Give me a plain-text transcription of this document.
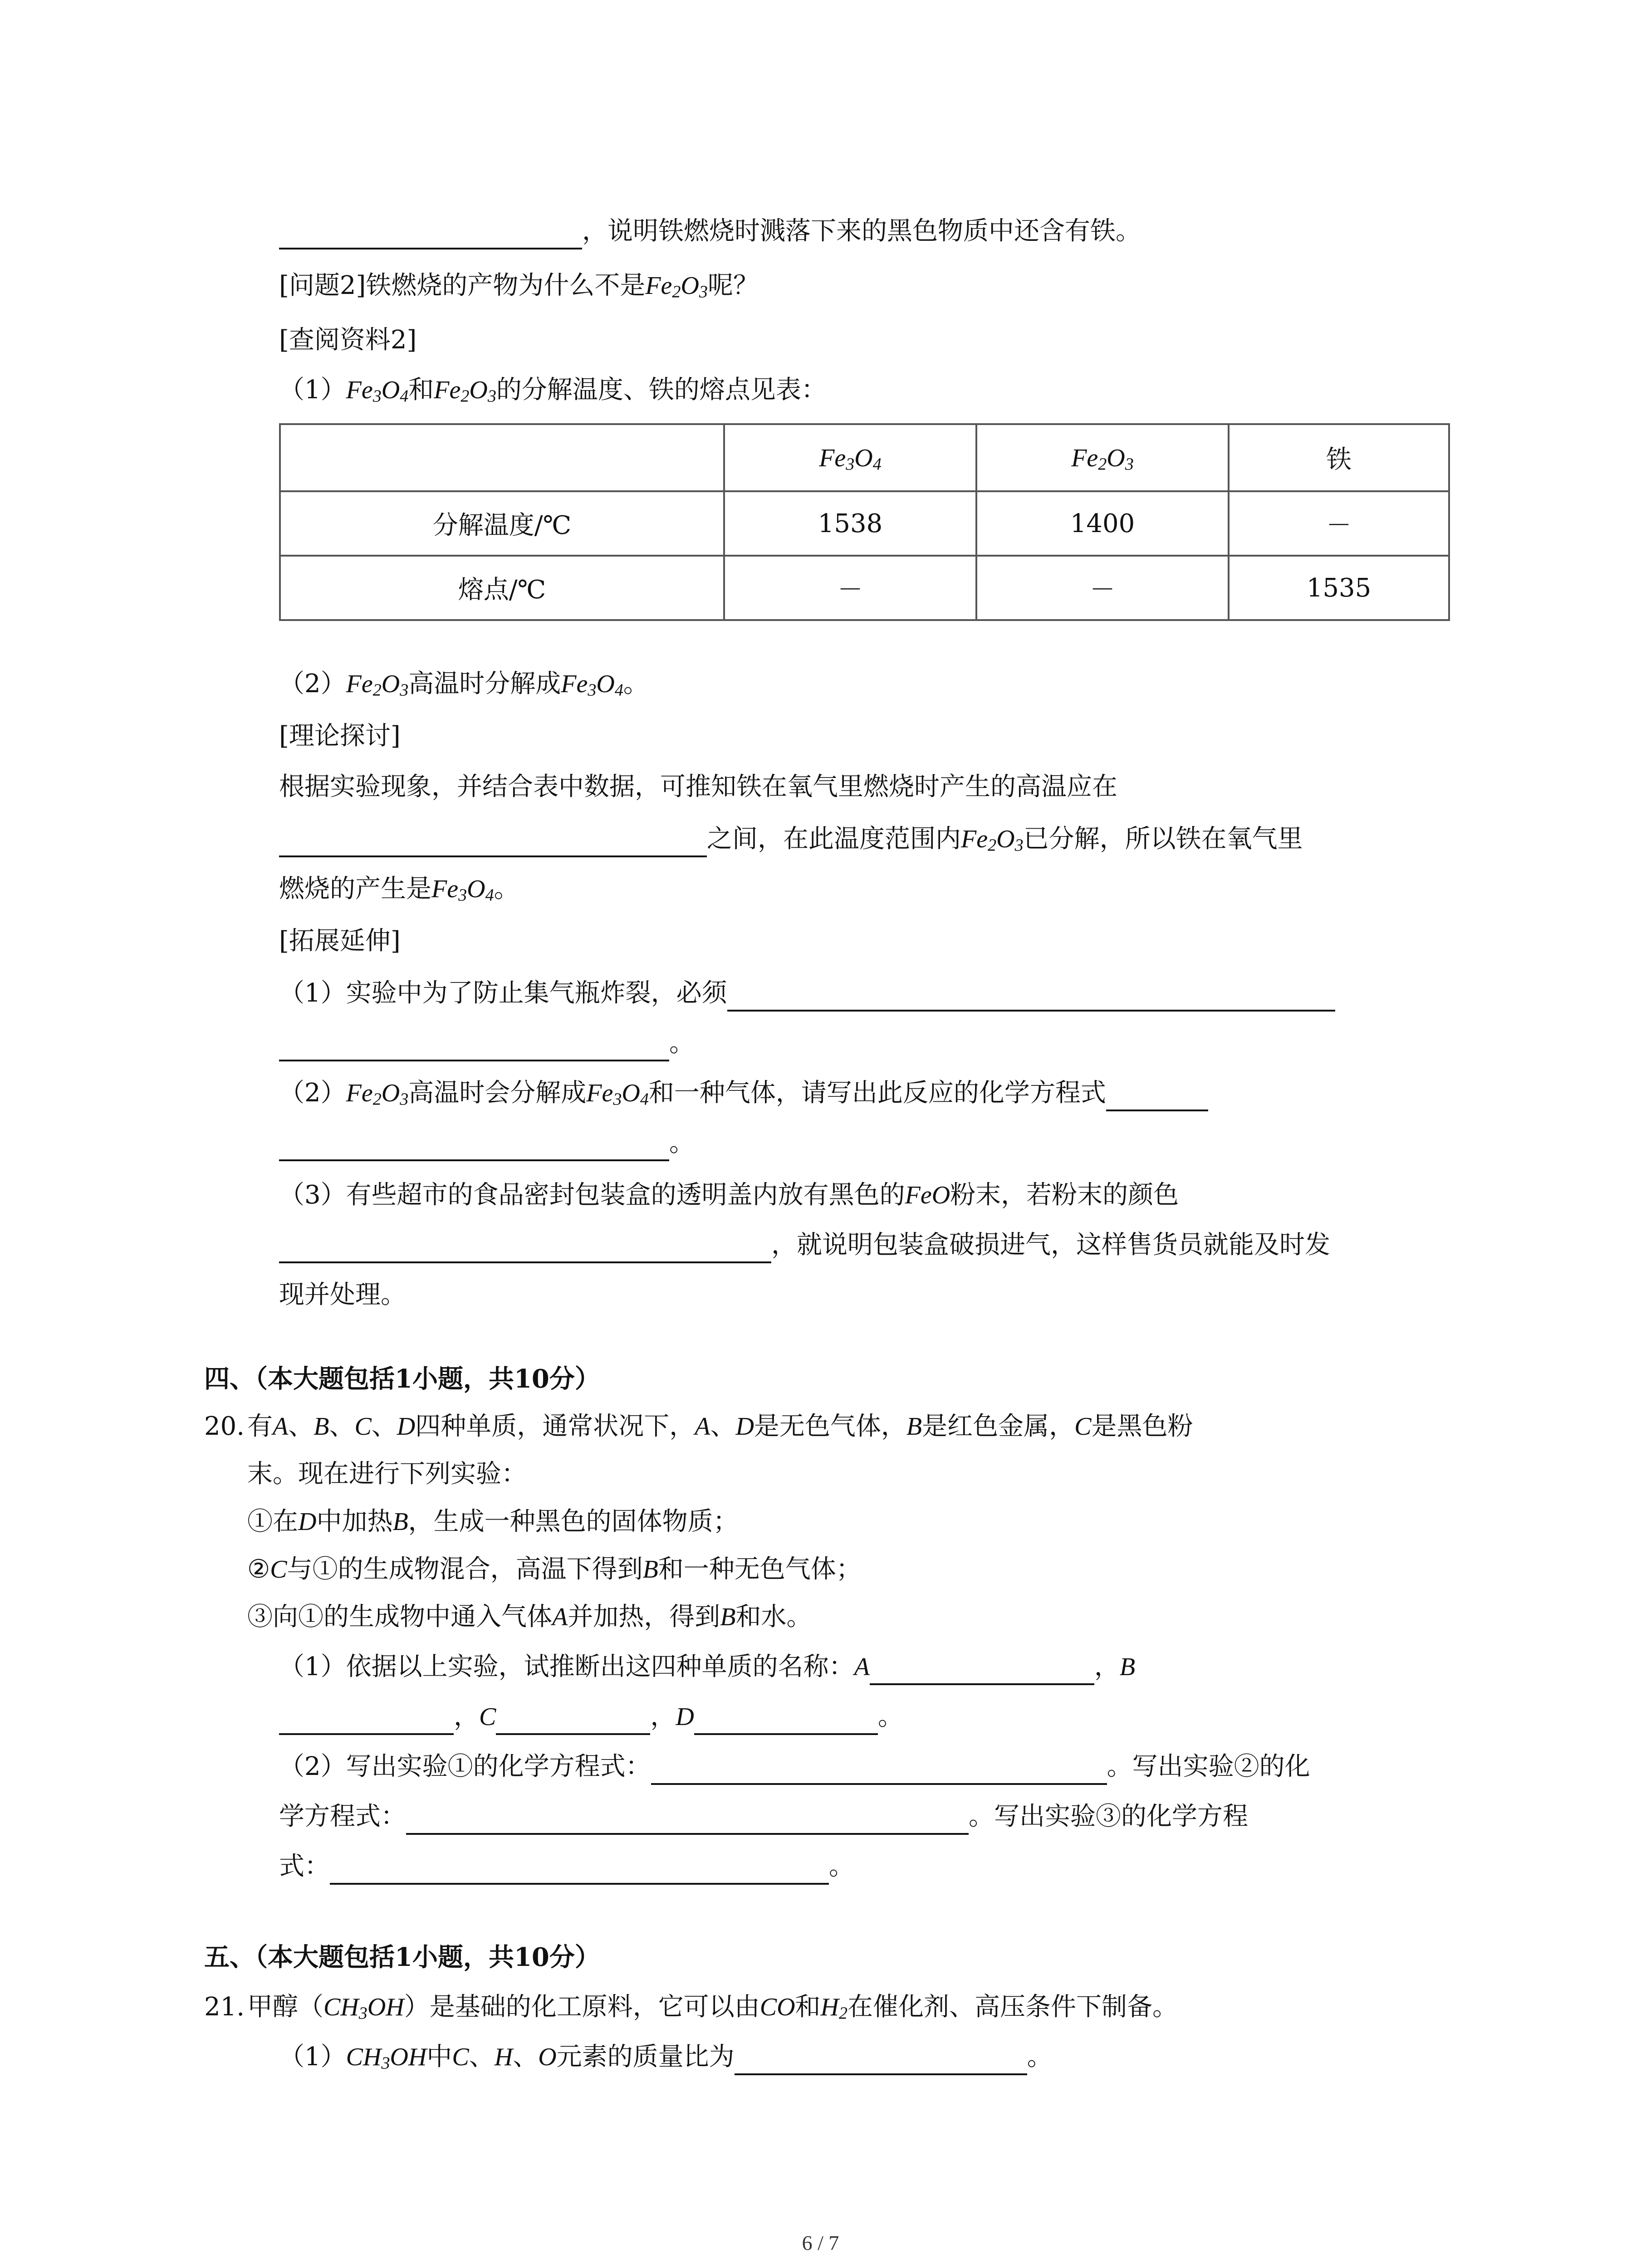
，说明铁燃烧时溅落下来的黑色物质中还含有铁。
[问题2]铁燃烧的产物为什么不是$Fe_2O_3$呢？
[查阅资料2]
$(1)Fe_3O_4$和$Fe_2O_3$的分解温度、铁的熔点见表：
	$Fe_3O_4$	$Fe_2O_3$	铁
分解温度/℃	1538	1400	－
熔点/℃	－	－	1535
$(2)Fe_2O_3$高温时分解成$Fe_3O_4$。
[理论探讨]
根据实验现象，并结合表中数据，可推知铁在氧气里燃烧时产生的高温应在
之间，在此温度范围内$Fe_2O_3$已分解，所以铁在氧气里
燃烧的产生是$Fe_3O_4$。
[拓展延伸]
（1）实验中为了防止集气瓶炸裂，必须
。
$(2)Fe_2O_3$高温时会分解成$Fe_3O_4$和一种气体，请写出此反应的化学方程式
。
（3）有些超市的食品密封包装盒的透明盖内放有黑色的FeO粉末，若粉末的颜色
，就说明包装盒破损进气，这样售货员就能及时发
现并处理。
四、（本大题包括1小题，共10分）
20. 有A、B、C、D四种单质，通常状况下，A、D是无色气体，B是红色金属，C是黑色粉
末。现在进行下列实验：
①在D中加热B，生成一种黑色的固体物质；
②C与①的生成物混合，高温下得到B和一种无色气体；
③向①的生成物中通入气体A并加热，得到B和水。
（1）依据以上实验，试推断出这四种单质的名称：A	，B
，C	，D	。
（2）写出实验①的化学方程式：	。写出实验②的化
学方程式：	。写出实验③的化学方程
式：	。
五、（本大题包括1小题，共10分）
21. 甲醇$(CH_3OH)$是基础的化工原料，它可以由CO和$H_2$在催化剂、高压条件下制备。
$(1)CH_3OH$中C、H、O元素的质量比为	。
6 / 7
